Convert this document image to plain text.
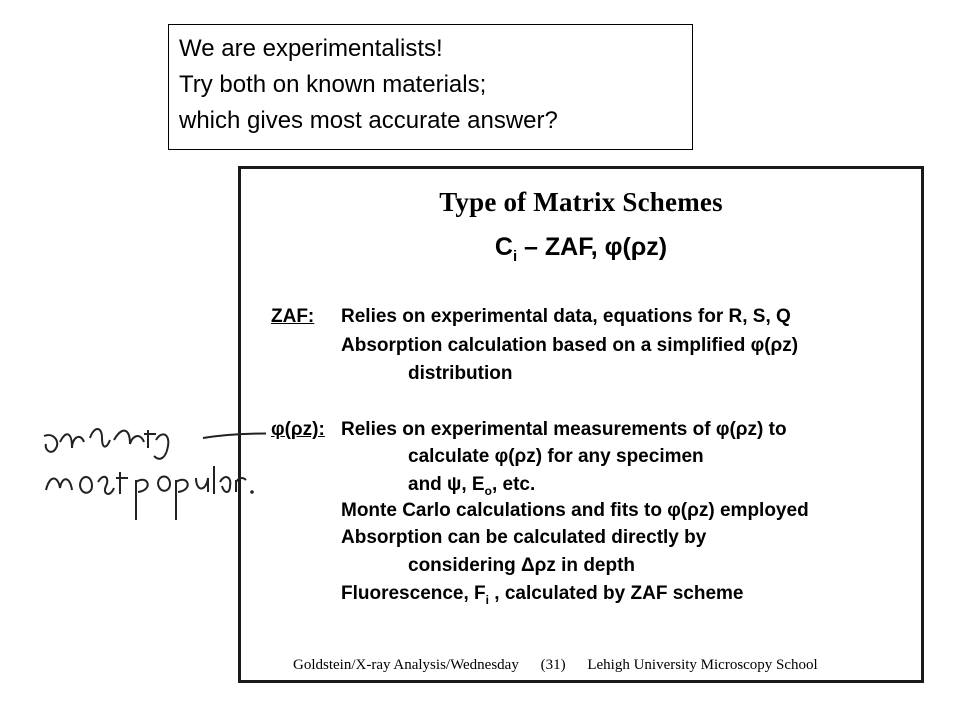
We are experimentalists!
Try both on known materials;
which gives most accurate answer?
Type of Matrix Schemes
$C_i$ – ZAF, φ(ρz)
ZAF: Relies on experimental data, equations for R, S, Q
Absorption calculation based on a simplified φ(ρz)
distribution
φ(ρz): Relies on experimental measurements of φ(ρz) to
calculate φ(ρz) for any specimen
and ψ, $E_o$, etc.
Monte Carlo calculations and fits to φ(ρz) employed
Absorption can be calculated directly by
considering Δρz in depth
Fluorescence, $F_i$ , calculated by ZAF scheme
Goldstein/X-ray Analysis/Wednesday (31) Lehigh University Microscopy School
